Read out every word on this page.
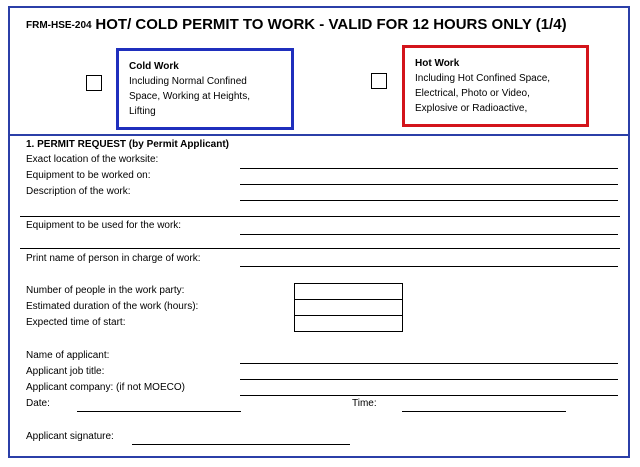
FRM-HSE-204 HOT/ COLD PERMIT TO WORK - VALID FOR 12 HOURS ONLY (1/4)
Cold Work
Including Normal Confined
Space, Working at Heights,
Lifting
Hot Work
Including Hot Confined Space,
Electrical, Photo or Video,
Explosive or Radioactive,
1. PERMIT REQUEST (by Permit Applicant)
Exact location of the worksite:
Equipment to be worked on:
Description of the work:
Equipment to be used for the work:
Print name of person in charge of work:
Number of people in the work party:
Estimated duration of the work (hours):
Expected time of start:
Name of applicant:
Applicant job title:
Applicant company: (if not MOECO)
Date:	Time:
Applicant signature:
